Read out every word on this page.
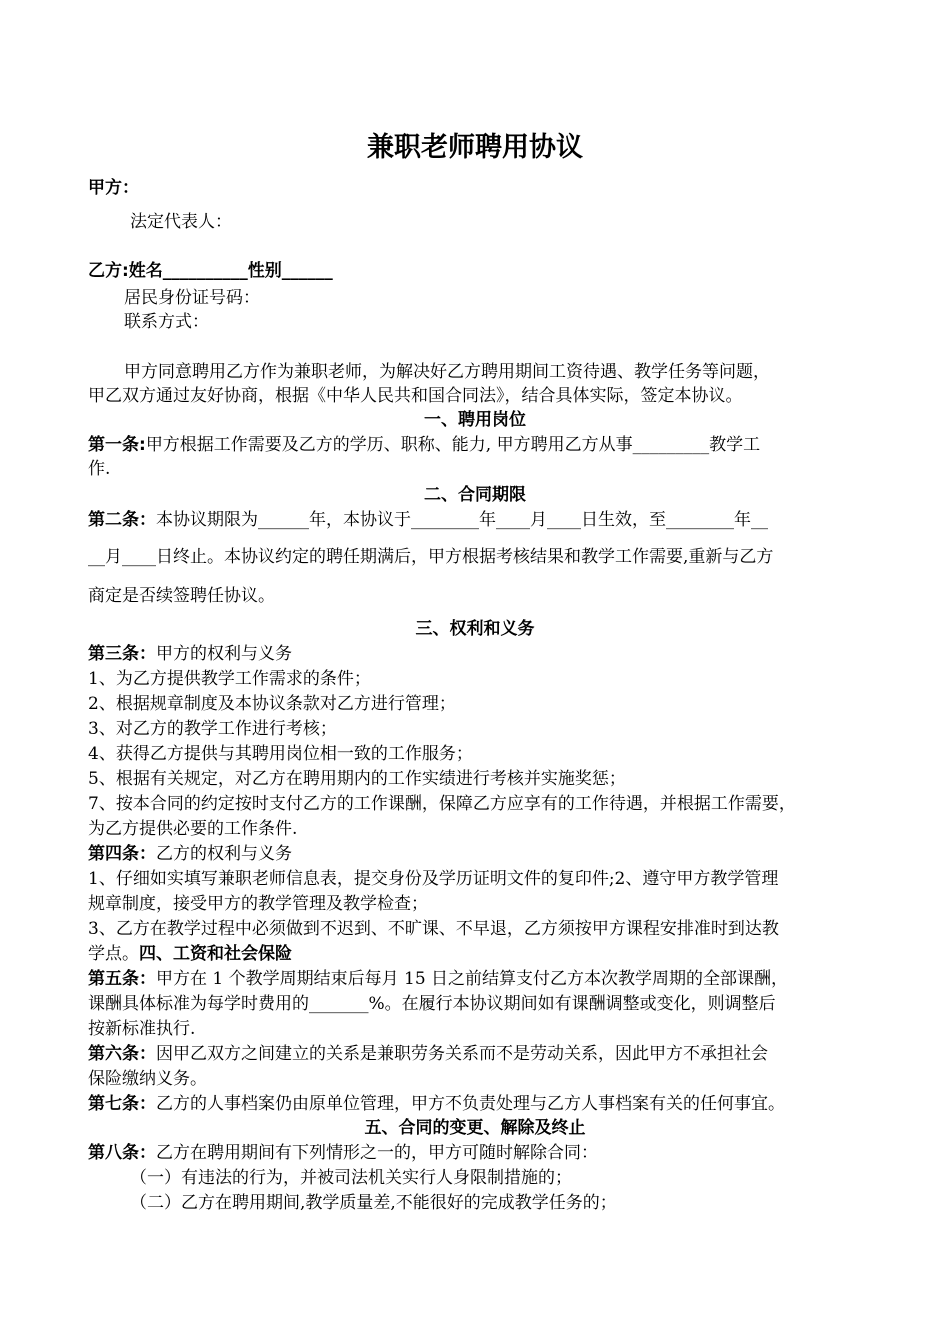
兼职老师聘用协议
甲方：
法定代表人：
乙方:姓名__________性别______
居民身份证号码：
联系方式：
甲方同意聘用乙方作为兼职老师，为解决好乙方聘用期间工资待遇、教学任务等问题，
甲乙双方通过友好协商，根据《中华人民共和国合同法》，结合具体实际，签定本协议。
一、聘用岗位
第一条:甲方根据工作需要及乙方的学历、职称、能力, 甲方聘用乙方从事_________教学工
作.
二、合同期限
第二条：本协议期限为______年，本协议于________年____月____日生效，至________年__
__月____日终止。本协议约定的聘任期满后，甲方根据考核结果和教学工作需要,重新与乙方
商定是否续签聘任协议。
三、权利和义务
第三条：甲方的权利与义务
1、为乙方提供教学工作需求的条件；
2、根据规章制度及本协议条款对乙方进行管理；
3、对乙方的教学工作进行考核；
4、获得乙方提供与其聘用岗位相一致的工作服务；
5、根据有关规定，对乙方在聘用期内的工作实绩进行考核并实施奖惩；
7、按本合同的约定按时支付乙方的工作课酬，保障乙方应享有的工作待遇，并根据工作需要，
为乙方提供必要的工作条件.
第四条：乙方的权利与义务
1、仔细如实填写兼职老师信息表，提交身份及学历证明文件的复印件;2、遵守甲方教学管理
规章制度，接受甲方的教学管理及教学检查；
3、乙方在教学过程中必须做到不迟到、不旷课、不早退，乙方须按甲方课程安排准时到达教
学点。四、工资和社会保险
第五条：甲方在 1 个教学周期结束后每月 15 日之前结算支付乙方本次教学周期的全部课酬，
课酬具体标准为每学时费用的_______%。在履行本协议期间如有课酬调整或变化，则调整后
按新标准执行.
第六条：因甲乙双方之间建立的关系是兼职劳务关系而不是劳动关系，因此甲方不承担社会
保险缴纳义务。
第七条：乙方的人事档案仍由原单位管理，甲方不负责处理与乙方人事档案有关的任何事宜。
五、合同的变更、解除及终止
第八条：乙方在聘用期间有下列情形之一的，甲方可随时解除合同：
（一）有违法的行为，并被司法机关实行人身限制措施的；
（二）乙方在聘用期间,教学质量差,不能很好的完成教学任务的；
